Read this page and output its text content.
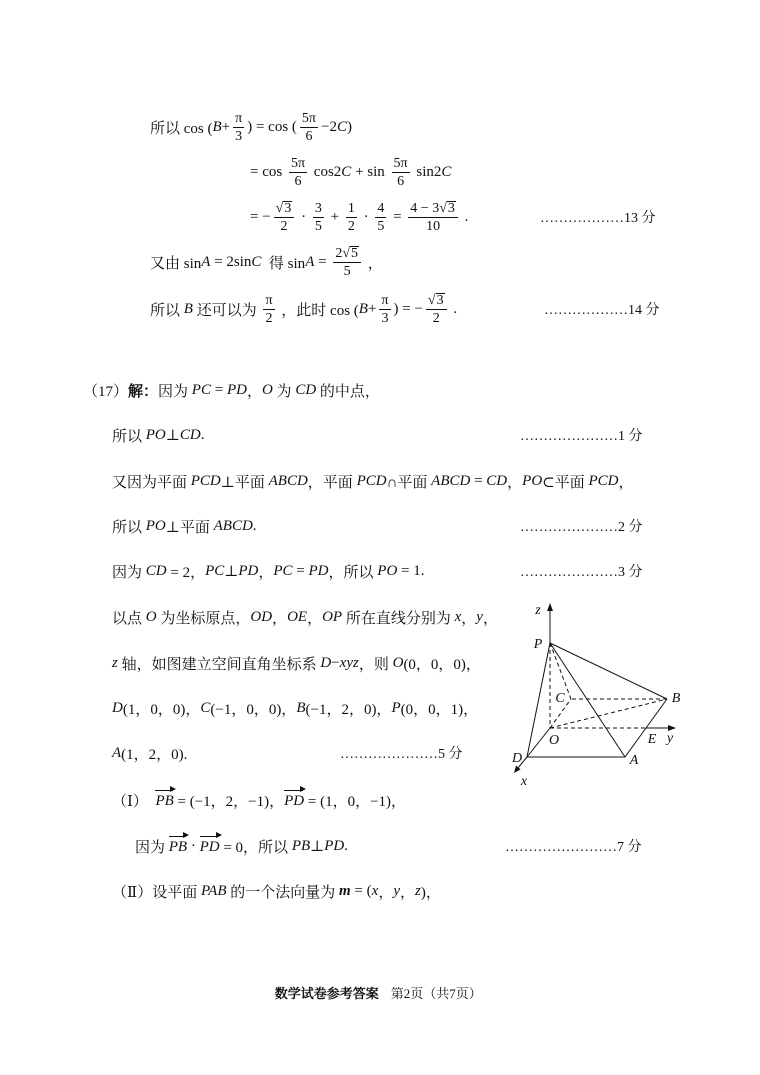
所以 cos ( $B + \frac{\pi}{3}$ ) = cos ( $\frac{5\pi}{6} -2$ C )
= $\cos \frac{5\pi}{6} \cos 2$ $C + \sin \frac{5\pi}{6} \sin 2$ C
= −
√ $\frac{3}{2} \cdot \frac{3}{5} + \frac{1}{2} \cdot \frac{4}{5} = 4 - 3$
√ 3
10 .	………………13 分
又由 sin A = 2sin C 得 sin A = 2
√ 5
5 ，
所以 B 还可以为 $\frac{\pi}{2}$ ，此时 cos ( $B + \frac{\pi}{3}$ ) = −
√ $\frac{3}{2}$ .	………………14 分
（17） 解： 因为 PC = PD ， O 为 CD 的中点，
所以 PO ⊥ CD .	…………………1 分
又因为平面 PCD ⊥平面 ABCD ，平面 PCD ∩平面 ABCD = CD ， PO ⊂平面 PCD ，
所以 PO ⊥平面 ABCD .	…………………2 分
因为 CD = 2， PC ⊥ PD ， PC = PD ，所以 PO = 1.	…………………3 分
以点 O 为坐标原点， OD ， OE ， OP 所在直线分别为 x ， y ，
z 轴，如图建立空间直角坐标系 D − xyz ，则 O (0，0，0)，
D (1，0，0)， C (−1，0，0)， B (−1，2，0)， P (0，0，1)，
A (1，2，0).	…………………5 分
（Ⅰ） PB = (−1，2，−1)， PD = (1，0，−1)，
因为 PB · PD = 0，所以 PB ⊥ PD .	……………………7 分
（Ⅱ）设平面 PAB 的一个法向量为 m = ( x ， y ， z )，
z
P
C	B
O	E y
D	A
x

数学试卷参考答案 第2页（共7页）
